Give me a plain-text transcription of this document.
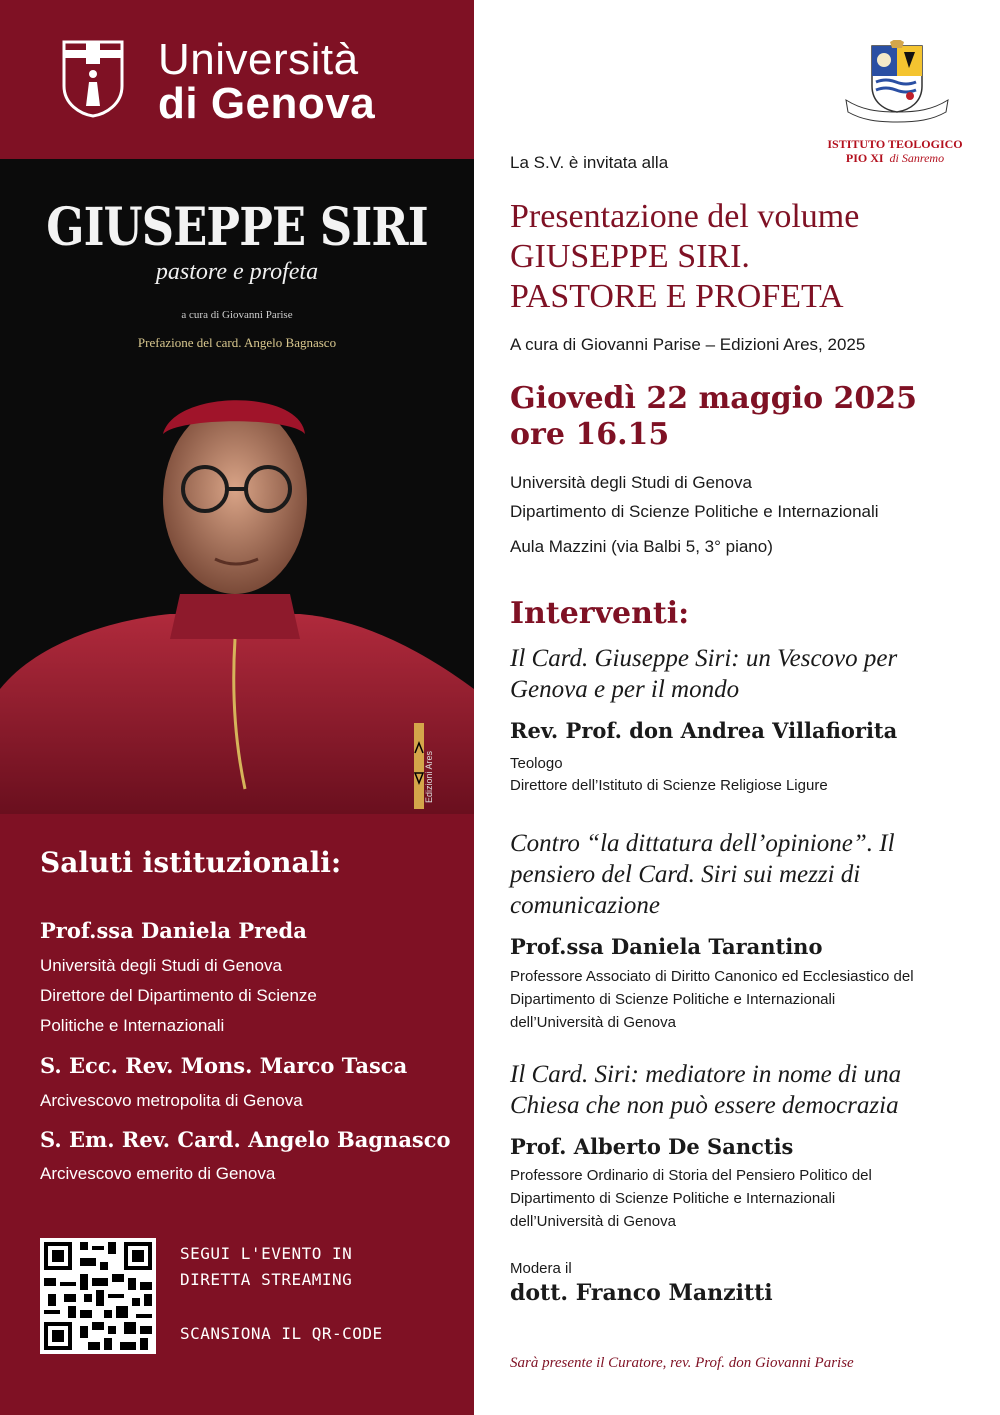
Università
di Genova
GIUSEPPE SIRI
pastore e profeta
a cura di Giovanni Parise
Prefazione del card. Angelo Bagnasco
Edizioni Ares
Saluti istituzionali:
Prof.ssa Daniela Preda
Università degli Studi di Genova
Direttore del Dipartimento di Scienze
Politiche e Internazionali
S. Ecc. Rev. Mons. Marco Tasca
Arcivescovo metropolita di Genova
S. Em. Rev. Card. Angelo Bagnasco
Arcivescovo emerito di Genova
SEGUI L'EVENTO IN
DIRETTA STREAMING
SCANSIONA IL QR-CODE
ISTITUTO TEOLOGICO
PIO XI di Sanremo
La S.V. è invitata alla
Presentazione del volume
GIUSEPPE SIRI.
PASTORE E PROFETA
A cura di Giovanni Parise – Edizioni Ares, 2025
Giovedì 22 maggio 2025
ore 16.15
Università degli Studi di Genova
Dipartimento di Scienze Politiche e Internazionali
Aula Mazzini (via Balbi 5, 3° piano)
Interventi:
Il Card. Giuseppe Siri: un Vescovo per Genova e per il mondo
Rev. Prof. don Andrea Villafiorita
Teologo
Direttore dell’Istituto di Scienze Religiose Ligure
Contro “la dittatura dell’opinione”. Il pensiero del Card. Siri sui mezzi di comunicazione
Prof.ssa Daniela Tarantino
Professore Associato di Diritto Canonico ed Ecclesiastico del Dipartimento di Scienze Politiche e Internazionali dell’Università di Genova
Il Card. Siri: mediatore in nome di una Chiesa che non può essere democrazia
Prof. Alberto De Sanctis
Professore Ordinario di Storia del Pensiero Politico del Dipartimento di Scienze Politiche e Internazionali dell’Università di Genova
Modera il
dott. Franco Manzitti
Sarà presente il Curatore, rev. Prof. don Giovanni Parise
